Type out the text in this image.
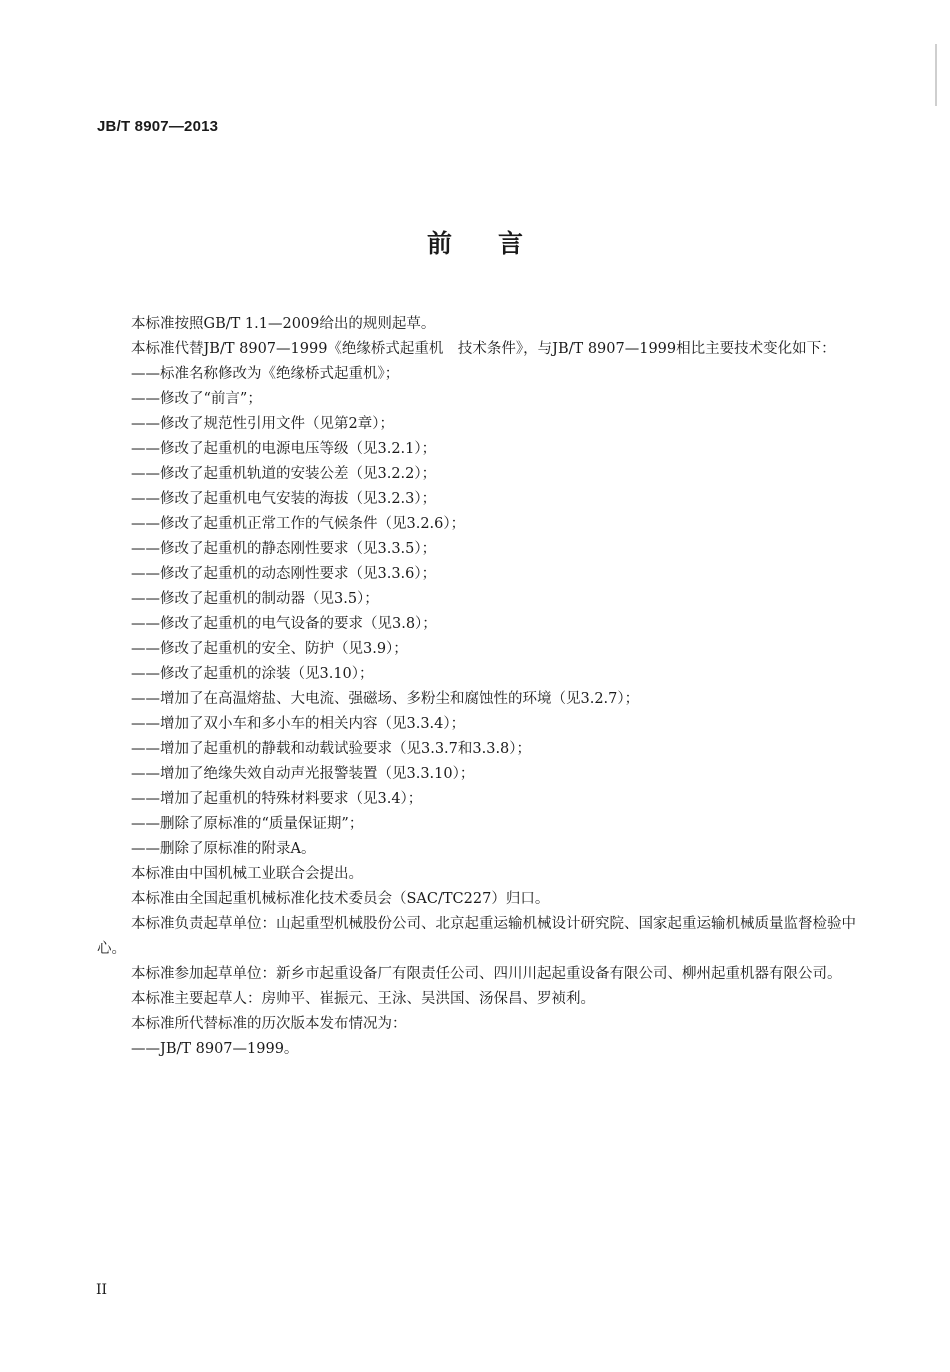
JB/T 8907—2013
前言

本标准按照GB/T 1.1—2009给出的规则起草。

本标准代替JB/T 8907—1999《绝缘桥式起重机　技术条件》，与JB/T 8907—1999相比主要技术变化如下：

——标准名称修改为《绝缘桥式起重机》；

——修改了“前言”；

——修改了规范性引用文件（见第2章）；

——修改了起重机的电源电压等级（见3.2.1）；

——修改了起重机轨道的安装公差（见3.2.2）；

——修改了起重机电气安装的海拔（见3.2.3）；

——修改了起重机正常工作的气候条件（见3.2.6）；

——修改了起重机的静态刚性要求（见3.3.5）；

——修改了起重机的动态刚性要求（见3.3.6）；

——修改了起重机的制动器（见3.5）；

——修改了起重机的电气设备的要求（见3.8）；

——修改了起重机的安全、防护（见3.9）；

——修改了起重机的涂装（见3.10）；

——增加了在高温熔盐、大电流、强磁场、多粉尘和腐蚀性的环境（见3.2.7）；

——增加了双小车和多小车的相关内容（见3.3.4）；

——增加了起重机的静载和动载试验要求（见3.3.7和3.3.8）；

——增加了绝缘失效自动声光报警装置（见3.3.10）；

——增加了起重机的特殊材料要求（见3.4）；

——删除了原标准的“质量保证期”；

——删除了原标准的附录A。

本标准由中国机械工业联合会提出。

本标准由全国起重机械标准化技术委员会（SAC/TC227）归口。

本标准负责起草单位：山起重型机械股份公司、北京起重运输机械设计研究院、国家起重运输机械质量监督检验中心。

本标准参加起草单位：新乡市起重设备厂有限责任公司、四川川起起重设备有限公司、柳州起重机器有限公司。

本标准主要起草人：房帅平、崔振元、王泳、吴洪国、汤保昌、罗祯利。

本标准所代替标准的历次版本发布情况为：

——JB/T 8907—1999。

II
